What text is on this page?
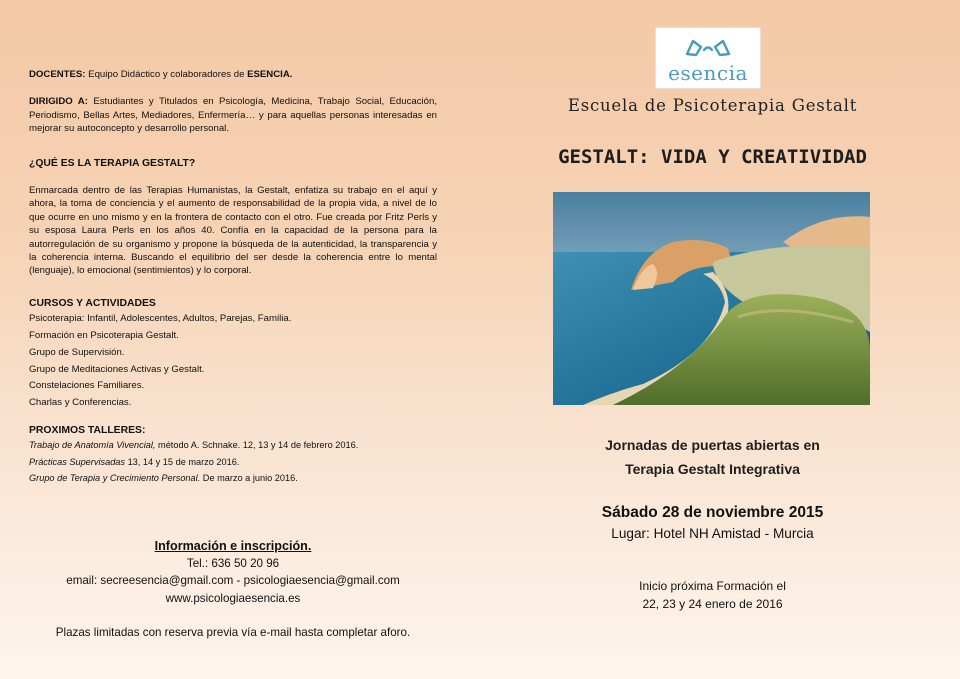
DOCENTES: Equipo Didáctico y colaboradores de ESENCIA.

DIRIGIDO A: Estudiantes y Titulados en Psicología, Medicina, Trabajo Social, Educación, Periodismo, Bellas Artes, Mediadores, Enfermería… y para aquellas personas interesadas en mejorar su autoconcepto y desarrollo personal.

¿QUÉ ES LA TERAPIA GESTALT?

Enmarcada dentro de las Terapias Humanistas, la Gestalt, enfatiza su trabajo en el aquí y ahora, la toma de conciencia y el aumento de responsabilidad de la propia vida, a nivel de lo que ocurre en uno mismo y en la frontera de contacto con el otro. Fue creada por Fritz Perls y su esposa Laura Perls en los años 40. Confía en la capacidad de la persona para la autorregulación de su organismo y propone la búsqueda de la autenticidad, la transparencia y la coherencia interna. Buscando el equilibrio del ser desde la coherencia entre lo mental (lenguaje), lo emocional (sentimientos) y lo corporal.

CURSOS Y ACTIVIDADES

Psicoterapia: Infantil, Adolescentes, Adultos, Parejas, Familia.

Formación en Psicoterapia Gestalt.

Grupo de Supervisión.

Grupo de Meditaciones Activas y Gestalt.

Constelaciones Familiares.

Charlas y Conferencias.

PROXIMOS TALLERES:

Trabajo de Anatomía Vivencial, método A. Schnake. 12, 13 y 14 de febrero 2016.

Prácticas Supervisadas 13, 14 y 15 de marzo 2016.

Grupo de Terapia y Crecimiento Personal. De marzo a junio 2016.

Información e inscripción.
Tel.: 636 50 20 96
email: secreesencia@gmail.com - psicologiaesencia@gmail.com
www.psicologiaesencia.es
Plazas limitadas con reserva previa vía e-mail hasta completar aforo.
esencia
Escuela de Psicoterapia Gestalt
GESTALT: VIDA Y CREATIVIDAD
Jornadas de puertas abiertas en
Terapia Gestalt Integrativa
Sábado 28 de noviembre 2015
Lugar: Hotel NH Amistad - Murcia
Inicio próxima Formación el
22, 23 y 24 enero de 2016
